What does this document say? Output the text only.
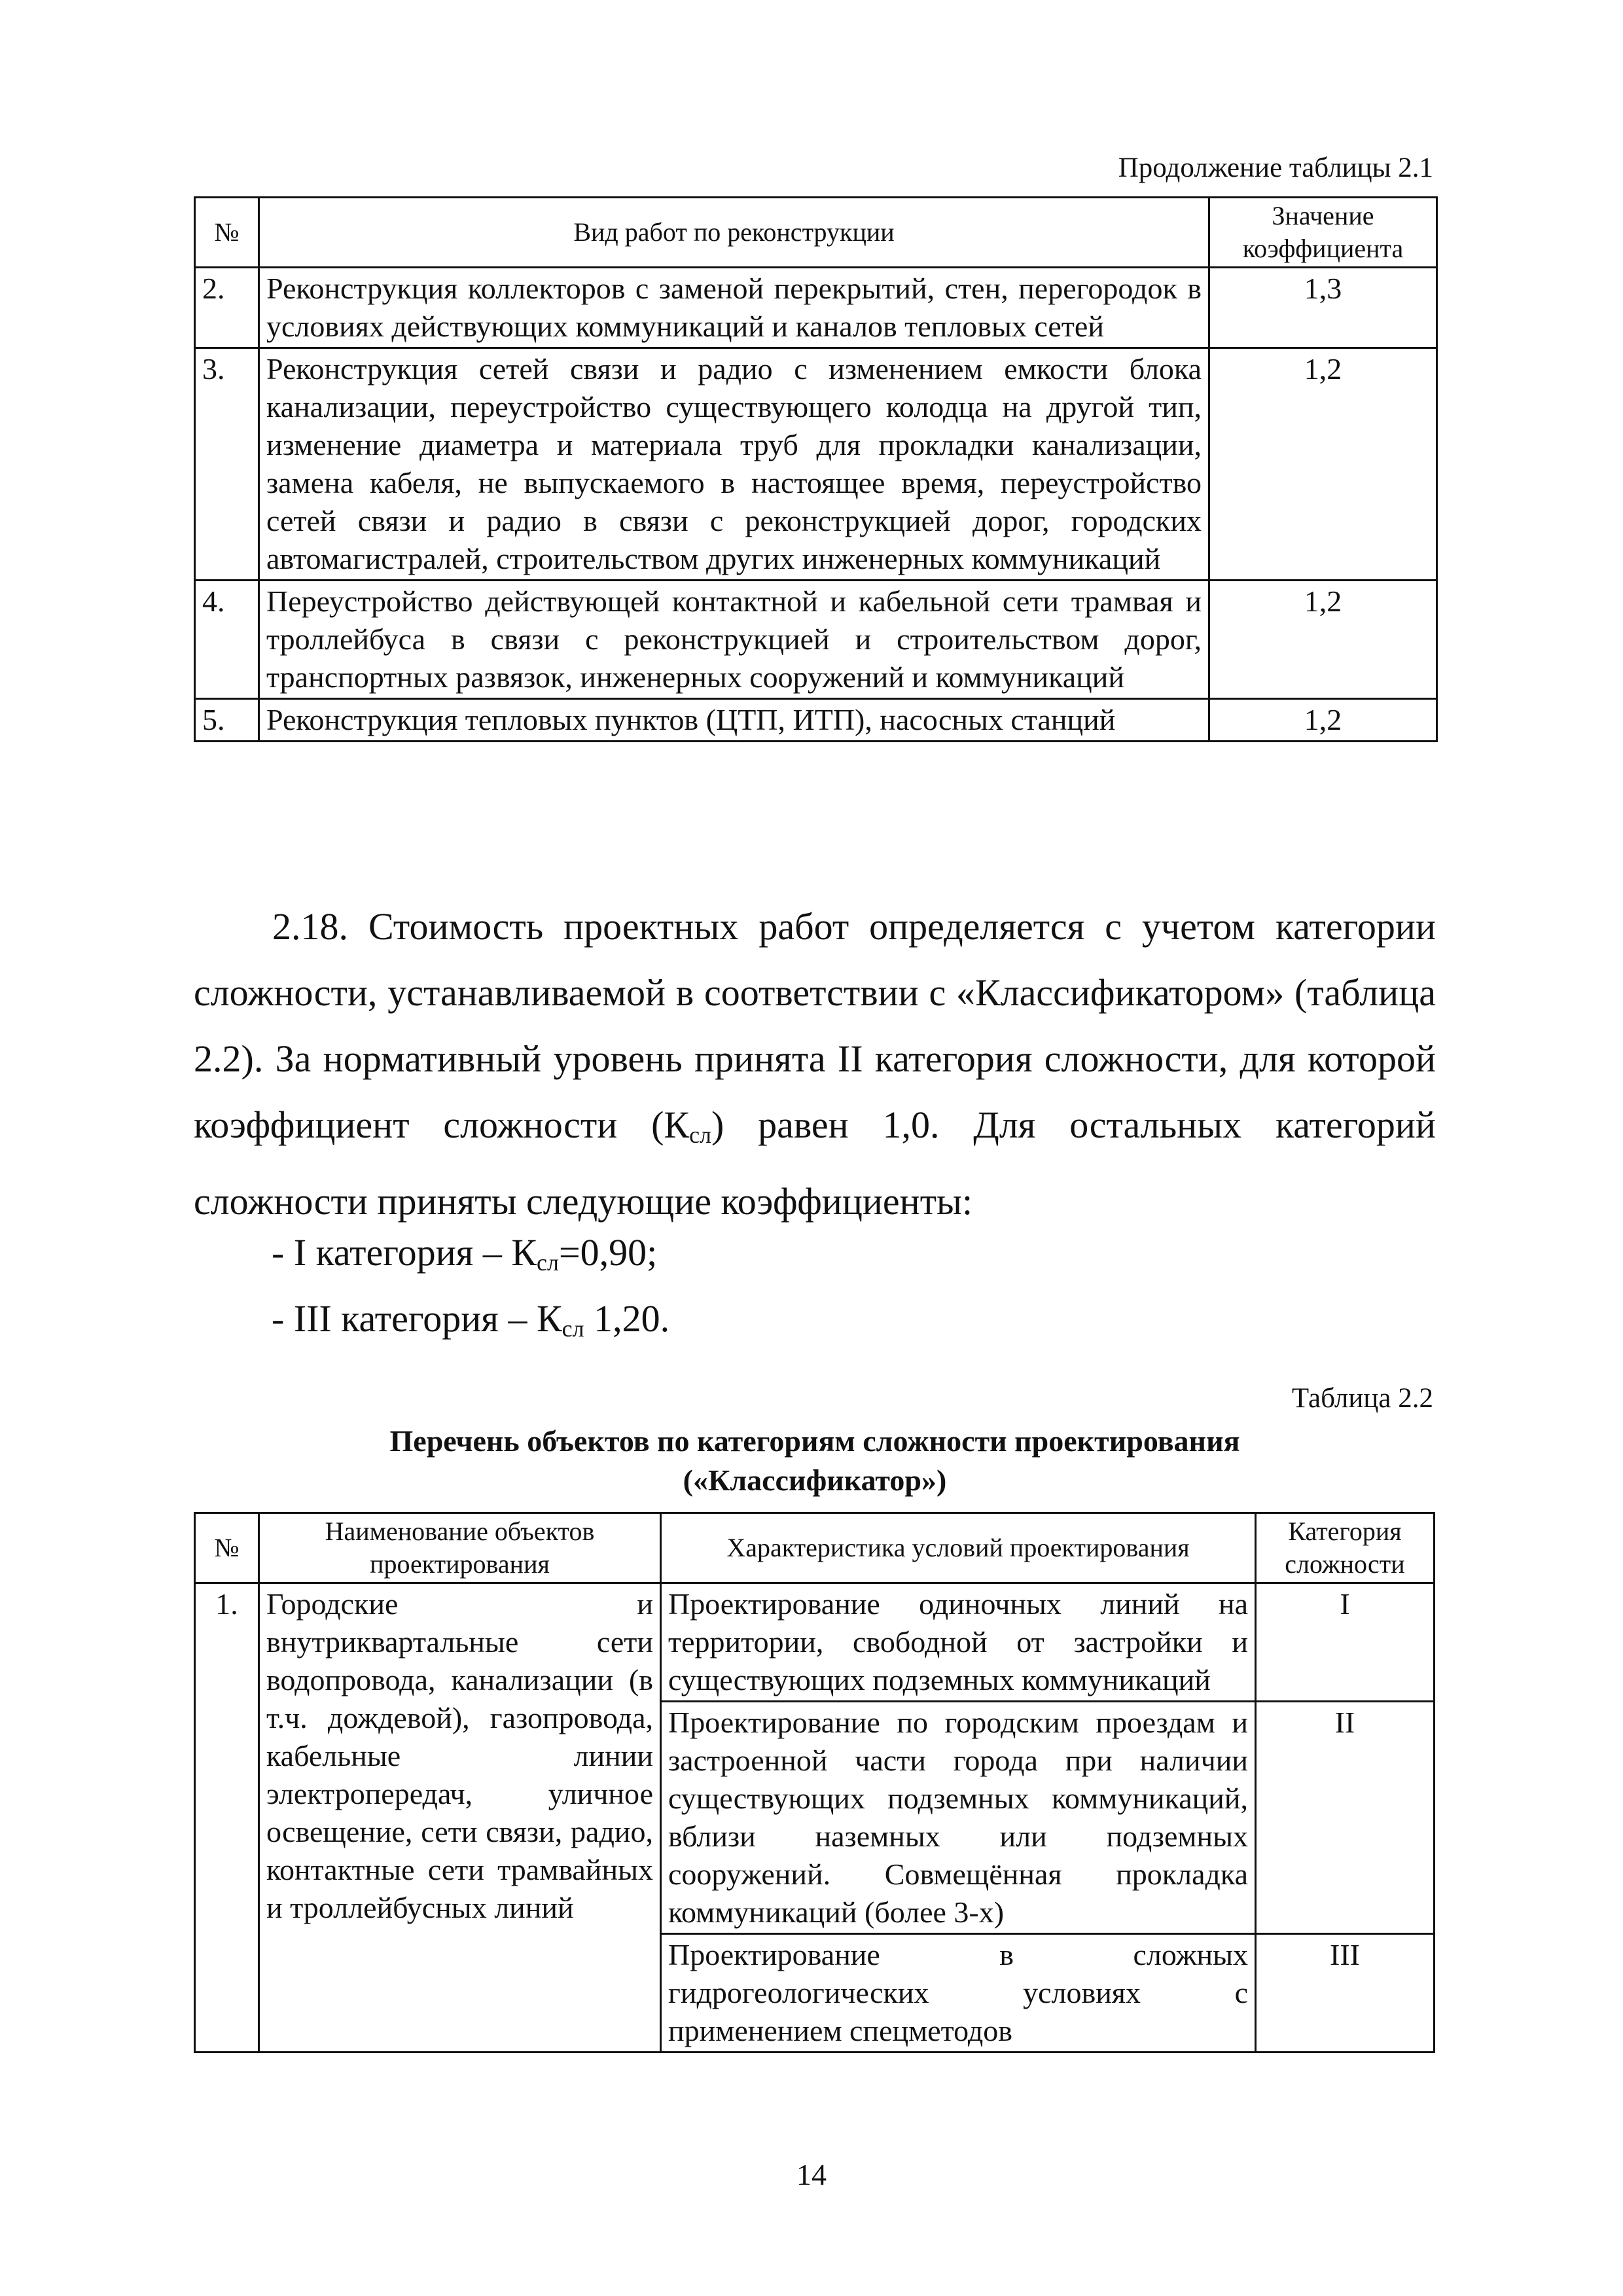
Продолжение таблицы 2.1
№	Вид работ по реконструкции	Значение коэффициента
2.	Реконструкция коллекторов с заменой перекрытий, стен, перегородок в условиях действующих коммуникаций и каналов тепловых сетей	1,3
3.	Реконструкция сетей связи и радио с изменением емкости блока канализации, переустройство существующего колодца на другой тип, изменение диаметра и материала труб для прокладки канализации, замена кабеля, не выпускаемого в настоящее время, переустройство сетей связи и радио в связи с реконструкцией дорог, городских автомагистралей, строительством других инженерных коммуникаций	1,2
4.	Переустройство действующей контактной и кабельной сети трамвая и троллейбуса в связи с реконструкцией и строительством дорог, транспортных развязок, инженерных сооружений и коммуникаций	1,2
5.	Реконструкция тепловых пунктов (ЦТП, ИТП), насосных станций	1,2
2.18. Стоимость проектных работ определяется с учетом категории сложности, устанавливаемой в соответствии с «Классификатором» (таблица 2.2). За нормативный уровень принята II категория сложности, для которой коэффициент сложности $(К_{сл})$ равен 1,0. Для остальных категорий сложности приняты следующие коэффициенты:
- I категория – $К_{сл}=0,90$;
- III категория – $К_{сл}$ 1,20.
Таблица 2.2
Перечень объектов по категориям сложности проектирования
(«Классификатор»)
№	Наименование объектов проектирования	Характеристика условий проектирования	Категория сложности
1.	Городские и внутриквартальные сети водопровода, канализации (в т.ч. дождевой), газопровода, кабельные линии электропередач, уличное освещение, сети связи, радио, контактные сети трамвайных и троллейбусных линий	Проектирование одиночных линий на территории, свободной от застройки и существующих подземных коммуникаций	I
		Проектирование по городским проездам и застроенной части города при наличии существующих подземных коммуникаций, вблизи наземных или подземных сооружений. Совмещённая прокладка коммуникаций (более 3-х)	II
		Проектирование в сложных гидрогеологических условиях с применением спецметодов	III
14
